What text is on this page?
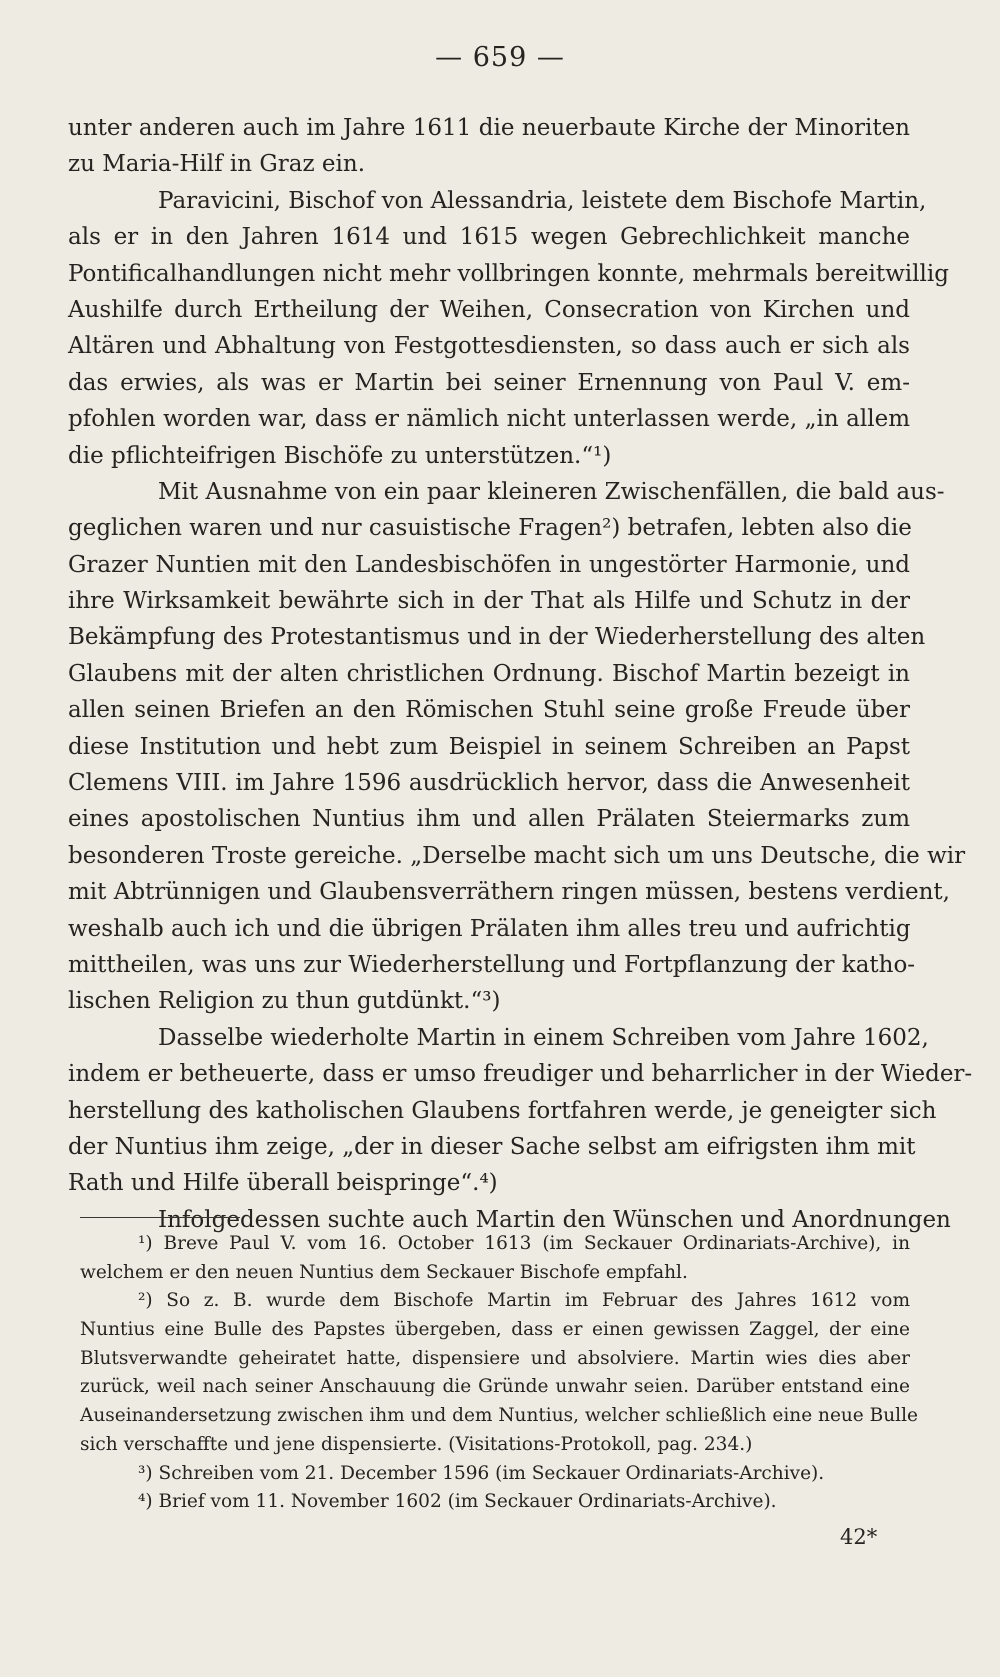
— 659 —
unter anderen auch im Jahre 1611 die neuerbaute Kirche der Minoriten
zu Maria-Hilf in Graz ein.
Paravicini, Bischof von Alessandria, leistete dem Bischofe Martin,
als er in den Jahren 1614 und 1615 wegen Gebrechlichkeit manche
Pontificalhandlungen nicht mehr vollbringen konnte, mehrmals bereitwillig
Aushilfe durch Ertheilung der Weihen, Consecration von Kirchen und
Altären und Abhaltung von Festgottesdiensten, so dass auch er sich als
das erwies, als was er Martin bei seiner Ernennung von Paul V. em-
pfohlen worden war, dass er nämlich nicht unterlassen werde, „in allem
die pflichteifrigen Bischöfe zu unterstützen.“¹)
Mit Ausnahme von ein paar kleineren Zwischenfällen, die bald aus-
geglichen waren und nur casuistische Fragen²) betrafen, lebten also die
Grazer Nuntien mit den Landesbischöfen in ungestörter Harmonie, und
ihre Wirksamkeit bewährte sich in der That als Hilfe und Schutz in der
Bekämpfung des Protestantismus und in der Wiederherstellung des alten
Glaubens mit der alten christlichen Ordnung. Bischof Martin bezeigt in
allen seinen Briefen an den Römischen Stuhl seine große Freude über
diese Institution und hebt zum Beispiel in seinem Schreiben an Papst
Clemens VIII. im Jahre 1596 ausdrücklich hervor, dass die Anwesenheit
eines apostolischen Nuntius ihm und allen Prälaten Steiermarks zum
besonderen Troste gereiche. „Derselbe macht sich um uns Deutsche, die wir
mit Abtrünnigen und Glaubensverräthern ringen müssen, bestens verdient,
weshalb auch ich und die übrigen Prälaten ihm alles treu und aufrichtig
mittheilen, was uns zur Wiederherstellung und Fortpflanzung der katho-
lischen Religion zu thun gutdünkt.“³)
Dasselbe wiederholte Martin in einem Schreiben vom Jahre 1602,
indem er betheuerte, dass er umso freudiger und beharrlicher in der Wieder-
herstellung des katholischen Glaubens fortfahren werde, je geneigter sich
der Nuntius ihm zeige, „der in dieser Sache selbst am eifrigsten ihm mit
Rath und Hilfe überall beispringe“.⁴)
Infolgedessen suchte auch Martin den Wünschen und Anordnungen
¹) Breve Paul V. vom 16. October 1613 (im Seckauer Ordinariats-Archive), in
welchem er den neuen Nuntius dem Seckauer Bischofe empfahl.
²) So z. B. wurde dem Bischofe Martin im Februar des Jahres 1612 vom
Nuntius eine Bulle des Papstes übergeben, dass er einen gewissen Zaggel, der eine
Blutsverwandte geheiratet hatte, dispensiere und absolviere. Martin wies dies aber
zurück, weil nach seiner Anschauung die Gründe unwahr seien. Darüber entstand eine
Auseinandersetzung zwischen ihm und dem Nuntius, welcher schließlich eine neue Bulle
sich verschaffte und jene dispensierte. (Visitations-Protokoll, pag. 234.)
³) Schreiben vom 21. December 1596 (im Seckauer Ordinariats-Archive).
⁴) Brief vom 11. November 1602 (im Seckauer Ordinariats-Archive).
42*
